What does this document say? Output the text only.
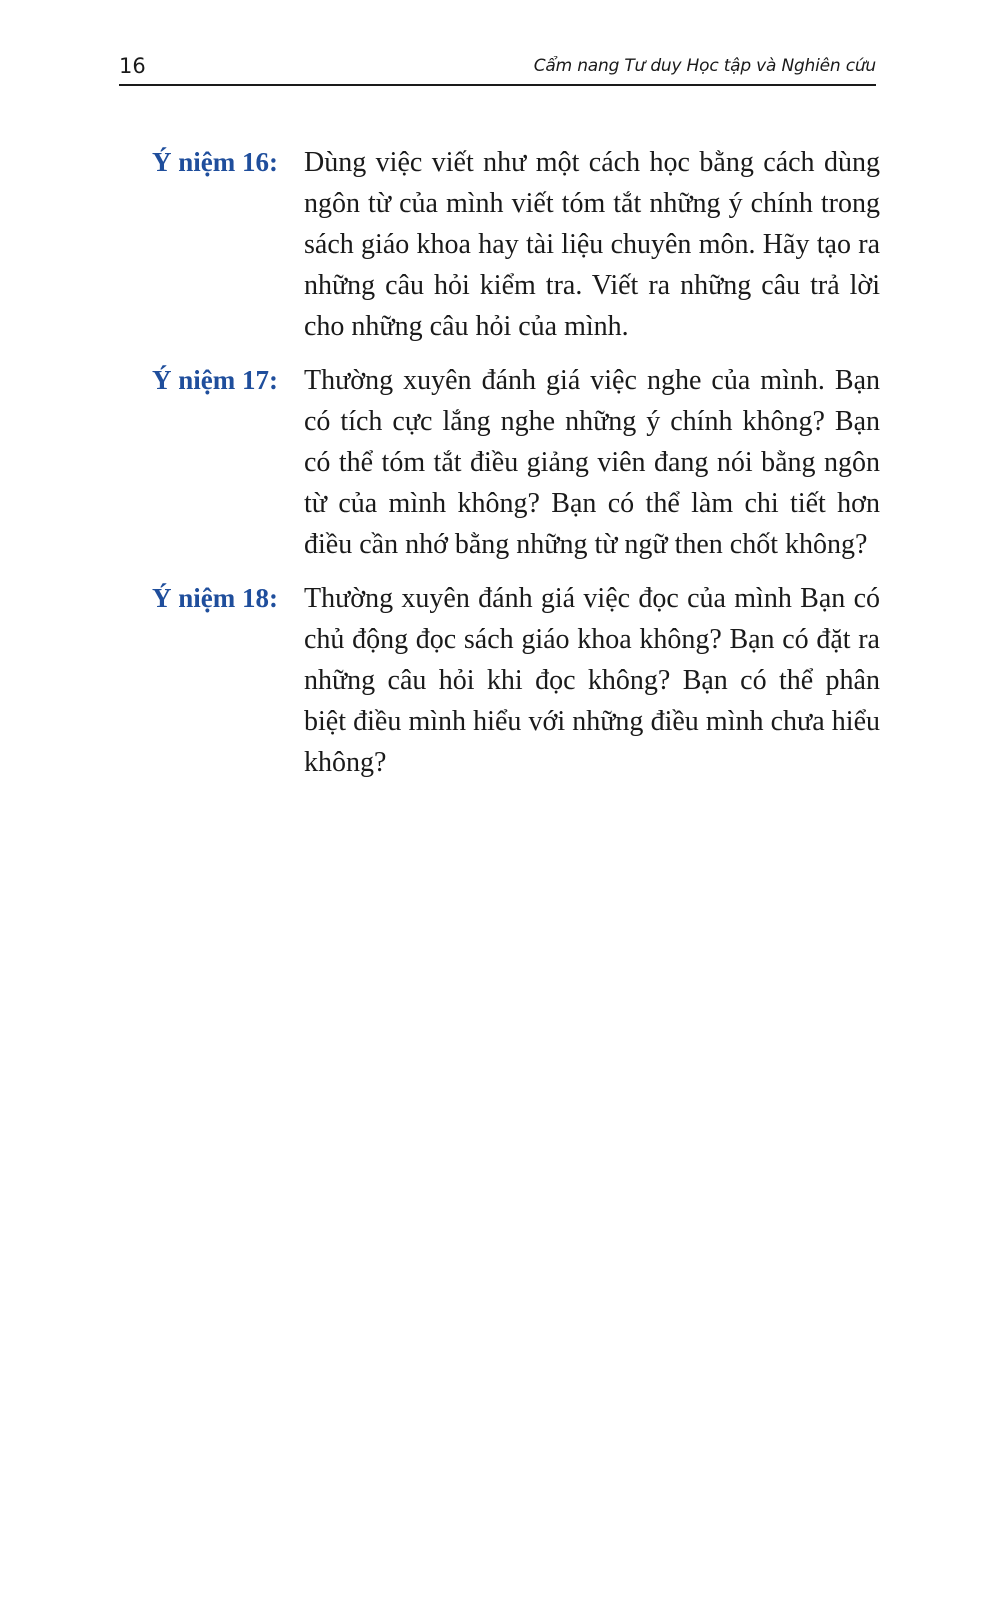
16	Cẩm nang Tư duy Học tập và Nghiên cứu
Ý niệm 16: Dùng việc viết như một cách học bằng cách dùng ngôn từ của mình viết tóm tắt những ý chính trong sách giáo khoa hay tài liệu chuyên môn. Hãy tạo ra những câu hỏi kiểm tra. Viết ra những câu trả lời cho những câu hỏi của mình.
Ý niệm 17: Thường xuyên đánh giá việc nghe của mình. Bạn có tích cực lắng nghe những ý chính không? Bạn có thể tóm tắt điều giảng viên đang nói bằng ngôn từ của mình không? Bạn có thể làm chi tiết hơn điều cần nhớ bằng những từ ngữ then chốt không?
Ý niệm 18: Thường xuyên đánh giá việc đọc của mình Bạn có chủ động đọc sách giáo khoa không? Bạn có đặt ra những câu hỏi khi đọc không? Bạn có thể phân biệt điều mình hiểu với những điều mình chưa hiểu không?
